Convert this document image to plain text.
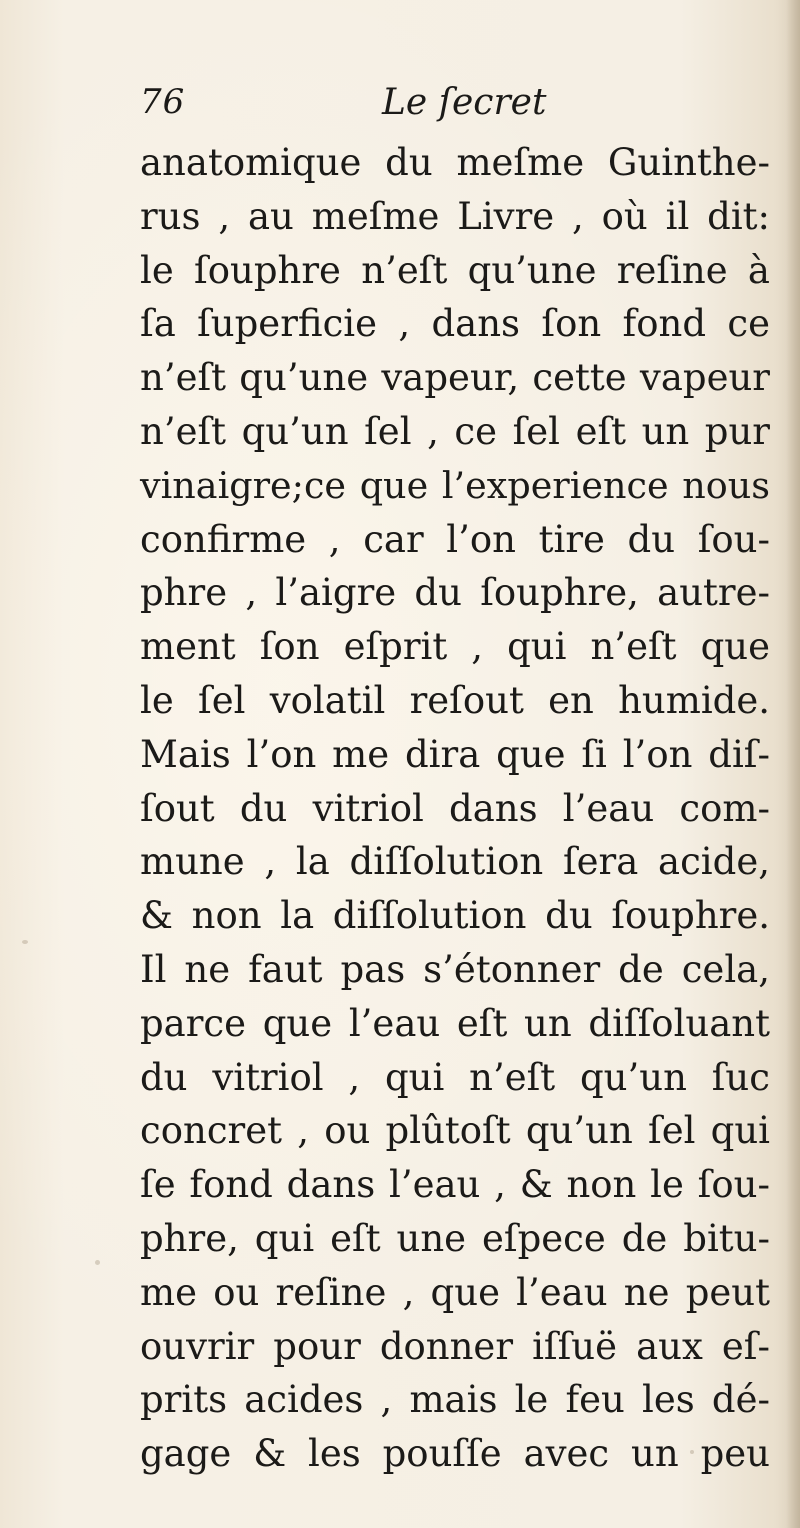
76	Le ſecret
anatomique du meſme Guinthe-
rus , au meſme Livre , où il dit:
le ſouphre n’eſt qu’une reſine à
ſa ſuperficie , dans ſon fond ce
n’eſt qu’une vapeur, cette vapeur
n’eſt qu’un ſel , ce ſel eſt un pur
vinaigre;ce que l’experience nous
confirme , car l’on tire du ſou-
phre , l’aigre du ſouphre, autre-
ment ſon eſprit , qui n’eſt que
le ſel volatil reſout en humide.
Mais l’on me dira que ſi l’on diſ-
ſout du vitriol dans l’eau com-
mune , la diſſolution ſera acide,
& non la diſſolution du ſouphre.
Il ne faut pas s’étonner de cela,
parce que l’eau eſt un diſſoluant
du vitriol , qui n’eſt qu’un ſuc
concret , ou plûtoſt qu’un ſel qui
ſe fond dans l’eau , & non le ſou-
phre, qui eſt une eſpece de bitu-
me ou reſine , que l’eau ne peut
ouvrir pour donner iſſuë aux eſ-
prits acides , mais le feu les dé-
gage & les pouſſe avec un peu
